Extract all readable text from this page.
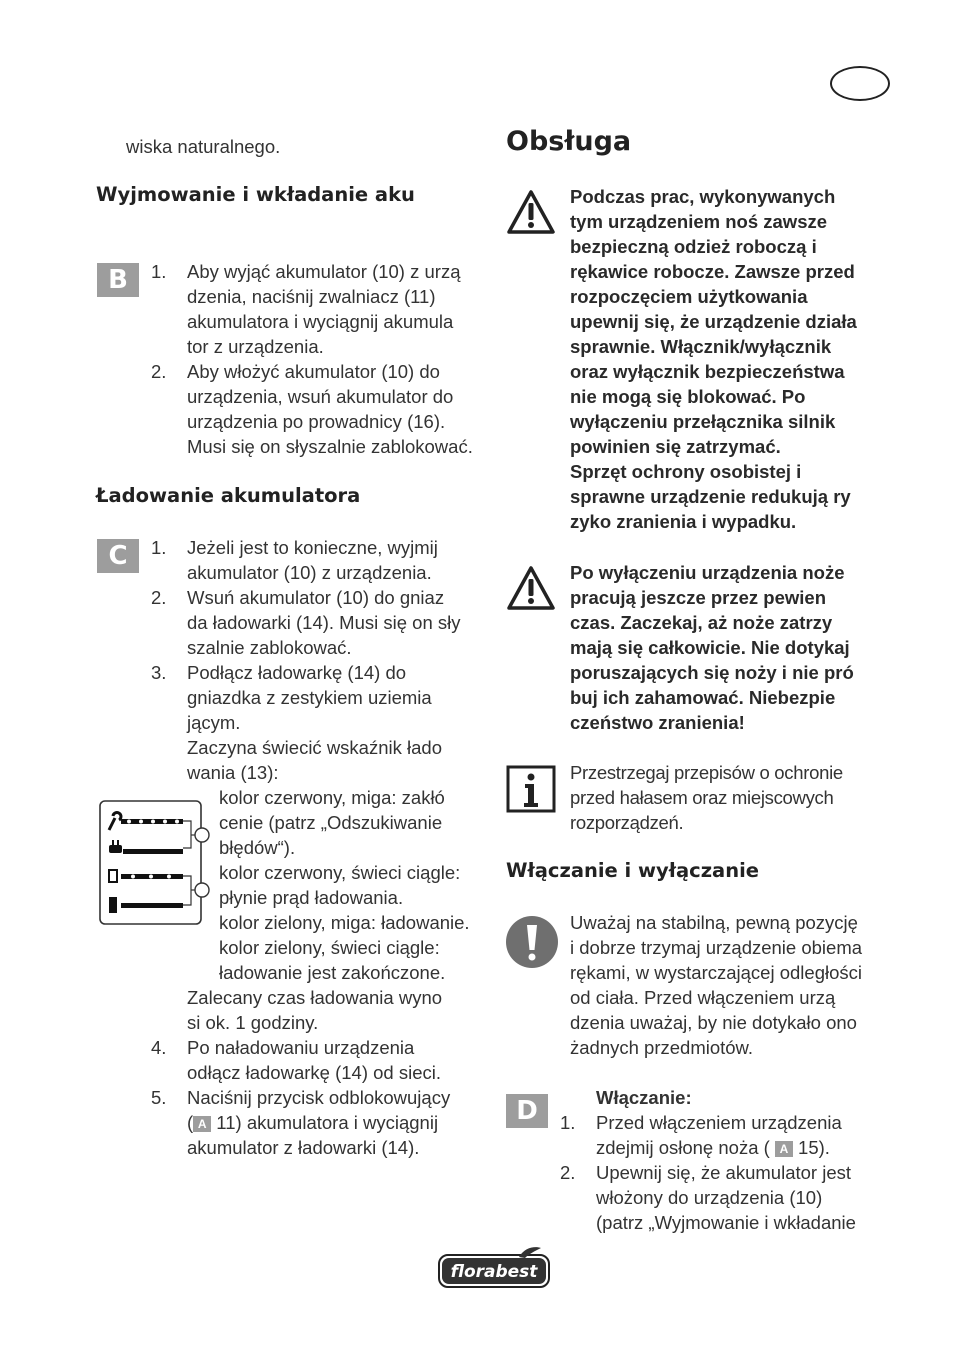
wiska naturalnego.
Wyjmowanie i wkładanie aku
B	1. Aby wyjąć akumulator (10) z urzą
dzenia, naciśnij zwalniacz (11)
akumulatora i wyciągnij akumula
tor z urządzenia.
2. Aby włożyć akumulator (10) do
urządzenia, wsuń akumulator do
urządzenia po prowadnicy (16).
Musi się on słyszalnie zablokować.
Ładowanie akumulatora
C	1. Jeżeli jest to konieczne, wyjmij
akumulator (10) z urządzenia.
2. Wsuń akumulator (10) do gniaz
da ładowarki (14). Musi się on sły
szalnie zablokować.
3. Podłącz ładowarkę (14) do
gniazdka z zestykiem uziemia
jącym.
Zaczyna świecić wskaźnik łado
wania (13):
kolor czerwony, miga: zakłó
cenie (patrz „Odszukiwanie
błędów“).
kolor czerwony, świeci ciągle:
płynie prąd ładowania.
kolor zielony, miga: ładowanie.
kolor zielony, świeci ciągle:
ładowanie jest zakończone.
Zalecany czas ładowania wyno
si ok. 1 godziny.
4. Po naładowaniu urządzenia
odłącz ładowarkę (14) od sieci.
5. Naciśnij przycisk odblokowujący
( A 11) akumulatora i wyciągnij
akumulator z ładowarki (14).
Obsługa
Podczas prac, wykonywanych
tym urządzeniem noś zawsze
bezpieczną odzież roboczą i
rękawice robocze. Zawsze przed
rozpoczęciem użytkowania
upewnij się, że urządzenie działa
sprawnie. Włącznik/wyłącznik
oraz wyłącznik bezpieczeństwa
nie mogą się blokować. Po
wyłączeniu przełącznika silnik
powinien się zatrzymać.
Sprzęt ochrony osobistej i
sprawne urządzenie redukują ry
zyko zranienia i wypadku.
Po wyłączeniu urządzenia noże
pracują jeszcze przez pewien
czas. Zaczekaj, aż noże zatrzy
mają się całkowicie. Nie dotykaj
poruszających się noży i nie pró
buj ich zahamować. Niebezpie
czeństwo zranienia!
Przestrzegaj przepisów o ochronie
przed hałasem oraz miejscowych
rozporządzeń.
Włączanie i wyłączanie
Uważaj na stabilną, pewną pozycję
i dobrze trzymaj urządzenie obiema
rękami, w wystarczającej odległości
od ciała. Przed włączeniem urzą
dzenia uważaj, by nie dotykało ono
żadnych przedmiotów.
D	Włączanie:
1. Przed włączeniem urządzenia
zdejmij osłonę noża ( A 15).
2. Upewnij się, że akumulator jest
włożony do urządzenia (10)
(patrz „Wyjmowanie i wkładanie
florabest
